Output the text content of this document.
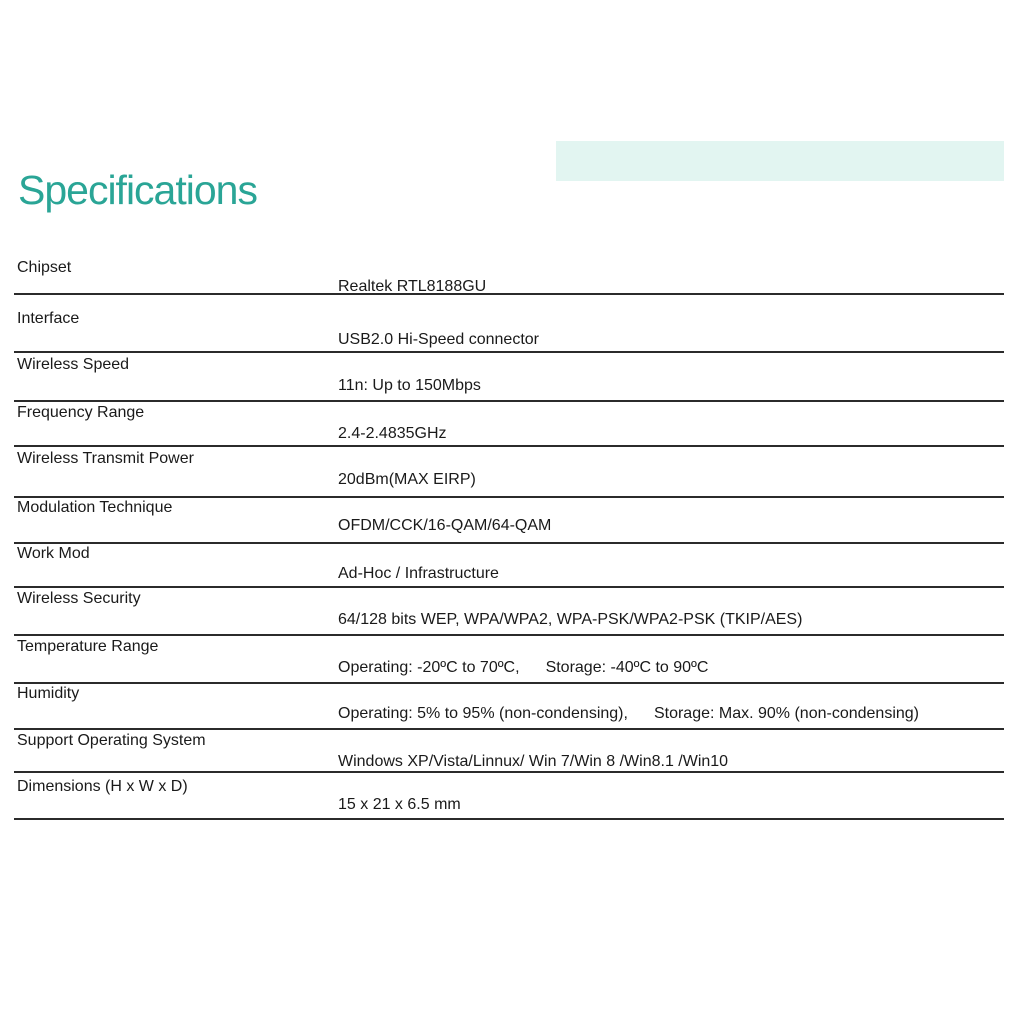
Specifications
Chipset
Realtek RTL8188GU
Interface
USB2.0 Hi-Speed connector
Wireless Speed
11n: Up to 150Mbps
Frequency Range
2.4-2.4835GHz
Wireless Transmit Power
20dBm(MAX EIRP)
Modulation Technique
OFDM/CCK/16-QAM/64-QAM
Work Mod
Ad-Hoc / Infrastructure
Wireless Security
64/128 bits WEP, WPA/WPA2, WPA-PSK/WPA2-PSK (TKIP/AES)
Temperature Range
Operating: -20ºC to 70ºC, Storage: -40ºC to 90ºC
Humidity
Operating: 5% to 95% (non-condensing), Storage: Max. 90% (non-condensing)
Support Operating System
Windows XP/Vista/Linnux/ Win 7/Win 8 /Win8.1 /Win10
Dimensions (H x W x D)
15 x 21 x 6.5 mm
